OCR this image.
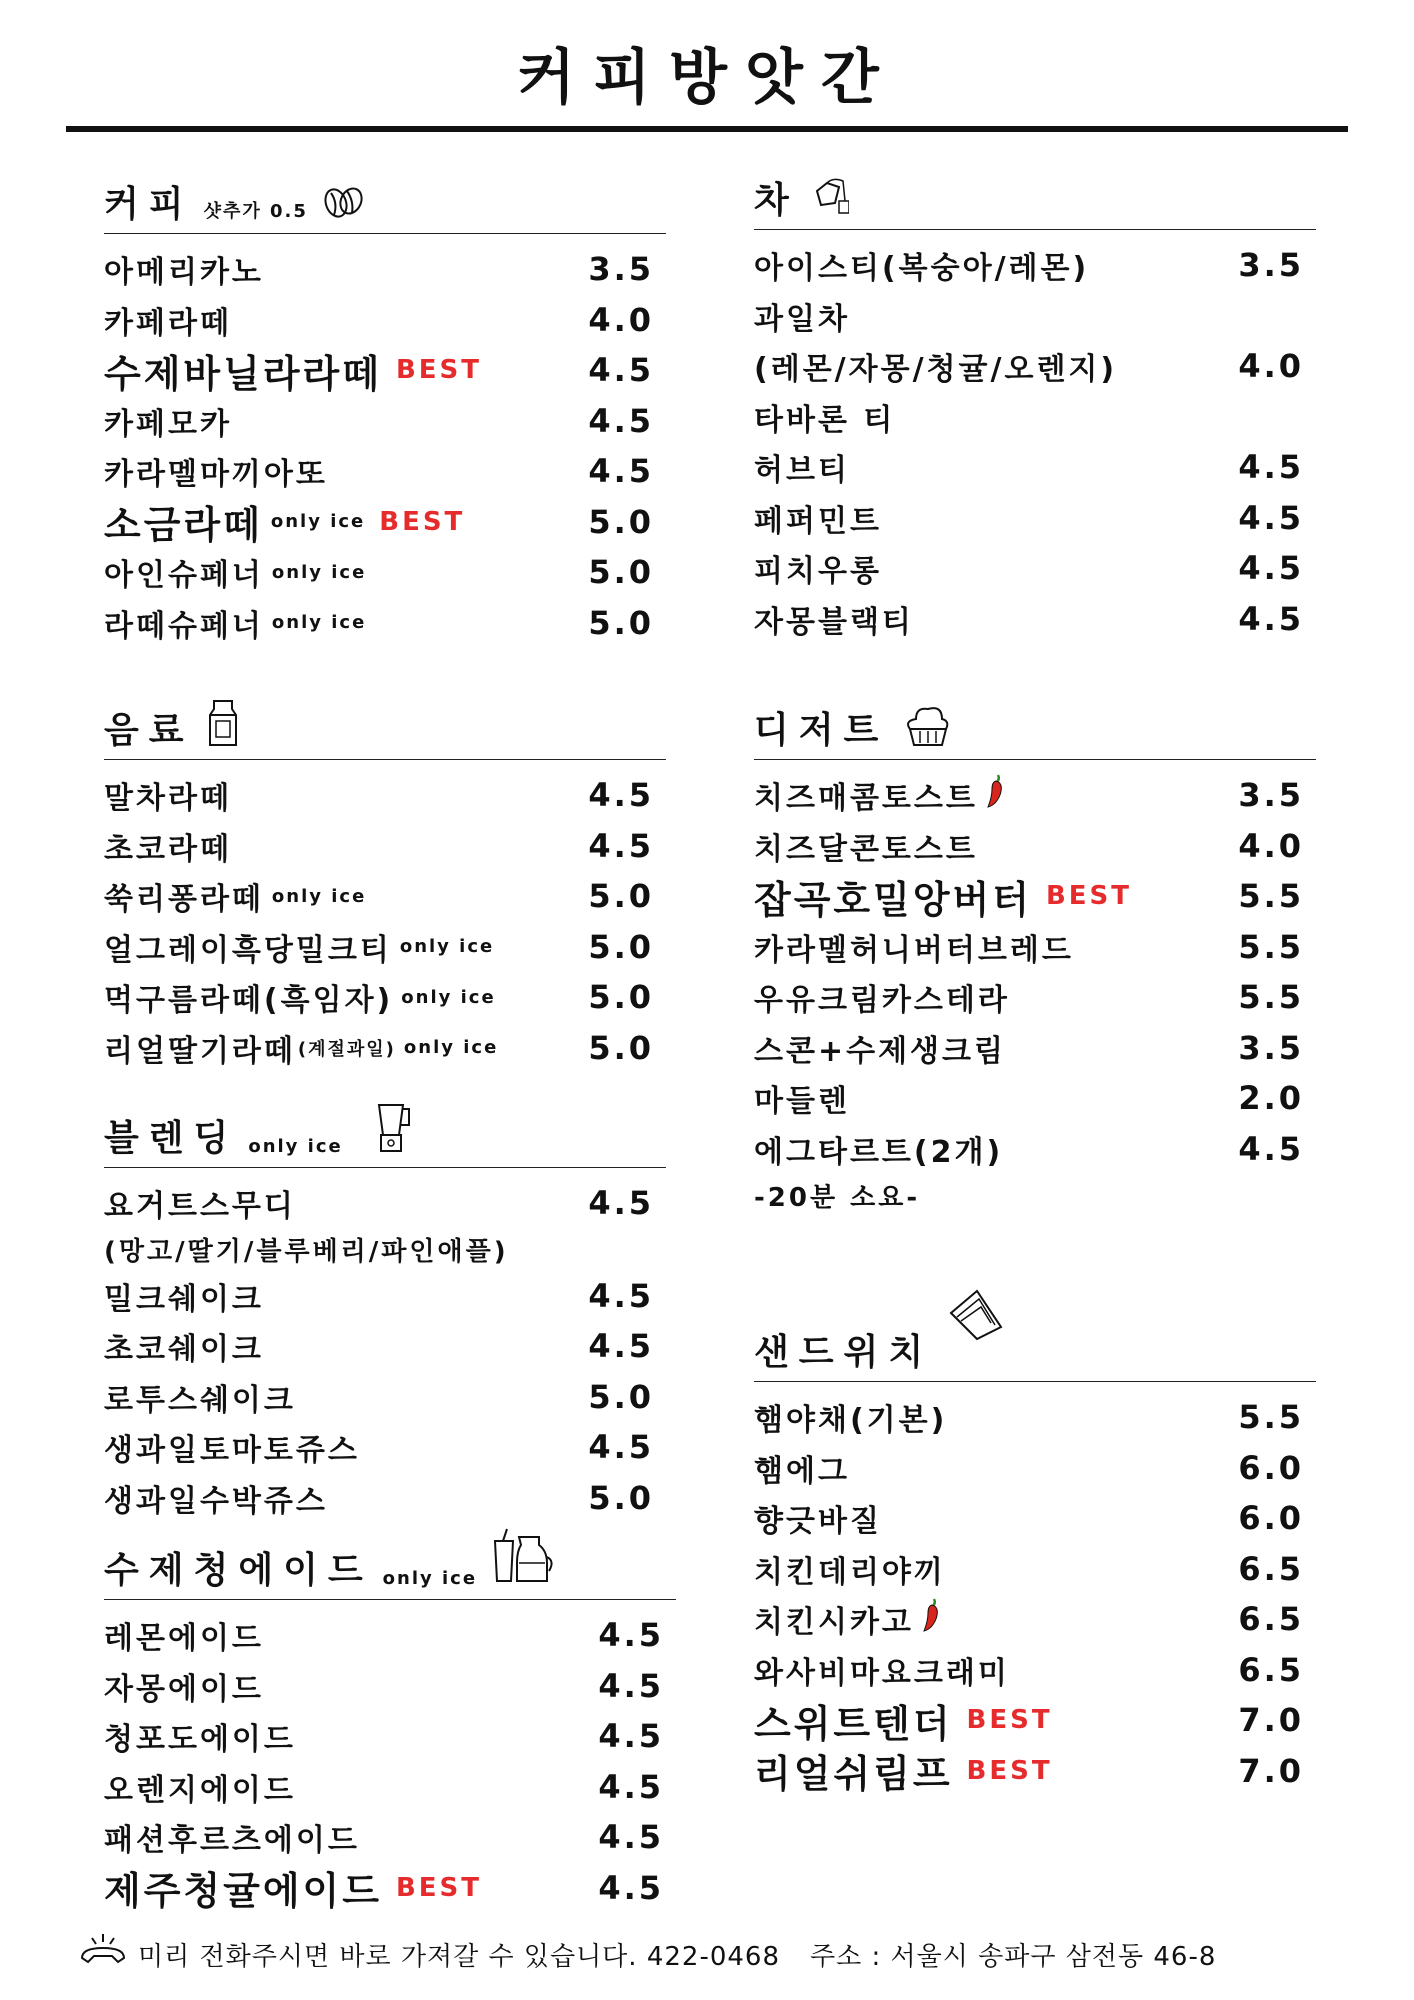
커피방앗간
커피 샷추가 0.5
아메리카노	3.5
카페라떼	4.0
수제바닐라라떼 BEST	4.5
카페모카	4.5
카라멜마끼아또	4.5
소금라떼 only ice BEST	5.0
아인슈페너 only ice	5.0
라떼슈페너 only ice	5.0
음료
말차라떼	4.5
초코라떼	4.5
쑥리퐁라떼 only ice	5.0
얼그레이흑당밀크티 only ice	5.0
먹구름라떼(흑임자) only ice	5.0
리얼딸기라떼 (계절과일) only ice	5.0
블렌딩 only ice
요거트스무디	4.5
(망고/딸기/블루베리/파인애플)
밀크쉐이크	4.5
초코쉐이크	4.5
로투스쉐이크	5.0
생과일토마토쥬스	4.5
생과일수박쥬스	5.0
수제청에이드 only ice
레몬에이드	4.5
자몽에이드	4.5
청포도에이드	4.5
오렌지에이드	4.5
패션후르츠에이드	4.5
제주청귤에이드 BEST	4.5
차
아이스티(복숭아/레몬)	3.5
과일차
(레몬/자몽/청귤/오렌지)	4.0
타바론 티
허브티	4.5
페퍼민트	4.5
피치우롱	4.5
자몽블랙티	4.5
디저트
치즈매콤토스트	3.5
치즈달콘토스트	4.0
잡곡호밀앙버터 BEST	5.5
카라멜허니버터브레드	5.5
우유크림카스테라	5.5
스콘+수제생크림	3.5
마들렌	2.0
에그타르트(2개)	4.5
-20분 소요-
샌드위치
햄야채(기본)	5.5
햄에그	6.0
향긋바질	6.0
치킨데리야끼	6.5
치킨시카고	6.5
와사비마요크래미	6.5
스위트텐더 BEST	7.0
리얼쉬림프 BEST	7.0
미리 전화주시면 바로 가져갈 수 있습니다. 422-0468 주소 : 서울시 송파구 삼전동 46-8
